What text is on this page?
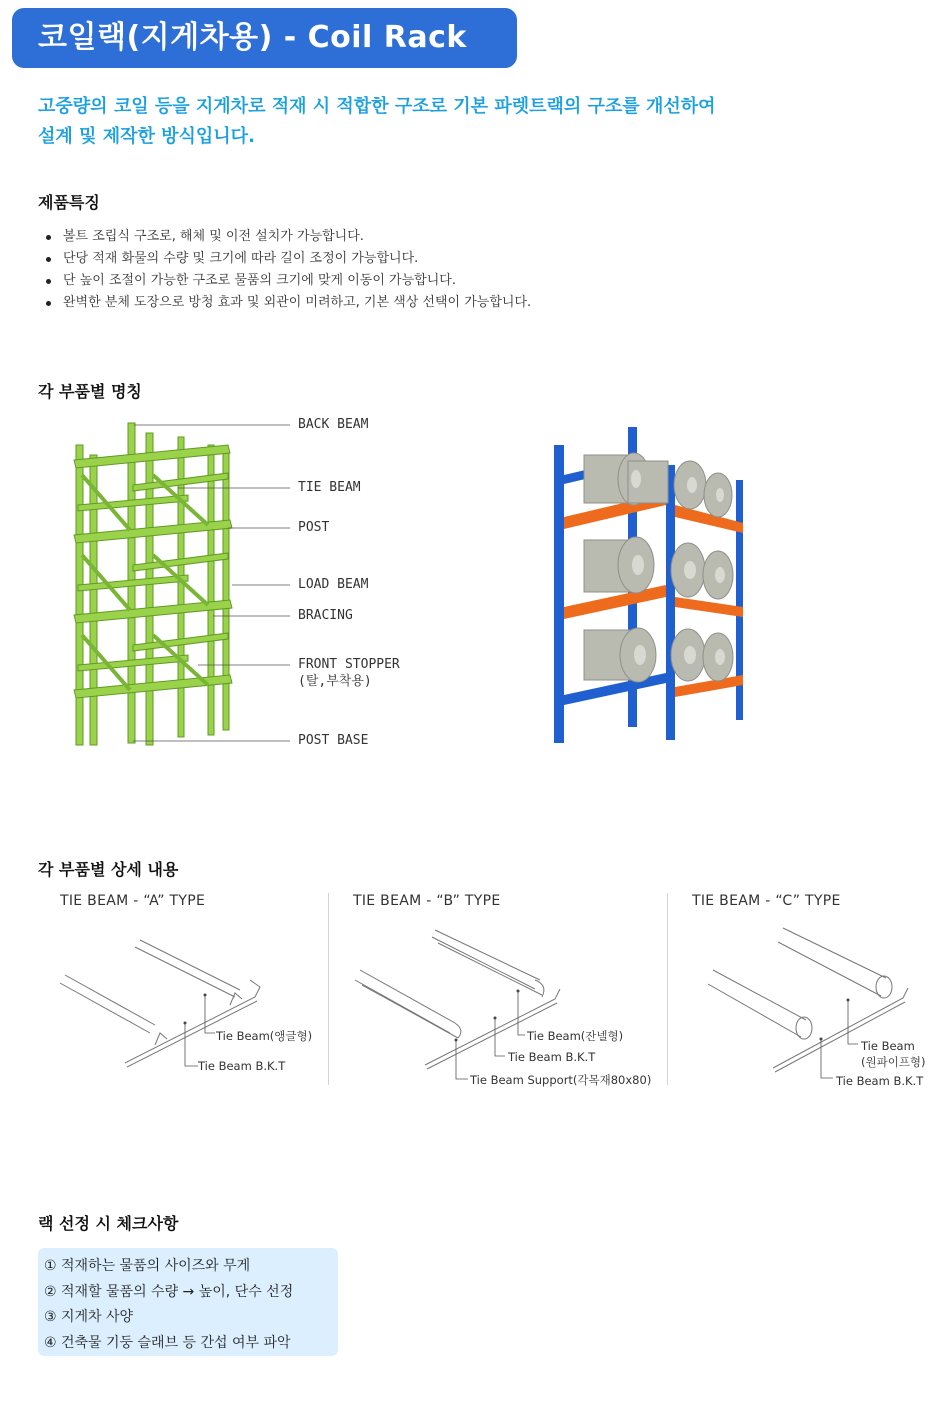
코일랙(지게차용) - Coil Rack
고중량의 코일 등을 지게차로 적재 시 적합한 구조로 기본 파렛트랙의 구조를 개선하여
설계 및 제작한 방식입니다.
제품특징
볼트 조립식 구조로, 해체 및 이전 설치가 가능합니다.
단당 적재 화물의 수량 및 크기에 따라 길이 조정이 가능합니다.
단 높이 조절이 가능한 구조로 물품의 크기에 맞게 이동이 가능합니다.
완벽한 분체 도장으로 방청 효과 및 외관이 미려하고, 기본 색상 선택이 가능합니다.
각 부품별 명칭
BACK BEAM
TIE BEAM
POST
LOAD BEAM
BRACING
FRONT STOPPER
(탈,부착용)
POST BASE
각 부품별 상세 내용
TIE BEAM - “A” TYPE	TIE BEAM - “B” TYPE	TIE BEAM - “C” TYPE
Tie Beam(앵글형)
Tie Beam B.K.T
Tie Beam(잔넬형)
Tie Beam B.K.T
Tie Beam Support(각목재80x80)
Tie Beam
(원파이프형)
Tie Beam B.K.T
랙 선정 시 체크사항
① 적재하는 물품의 사이즈와 무게
② 적재할 물품의 수량 → 높이, 단수 선정
③ 지게차 사양
④ 건축물 기둥 슬래브 등 간섭 여부 파악
